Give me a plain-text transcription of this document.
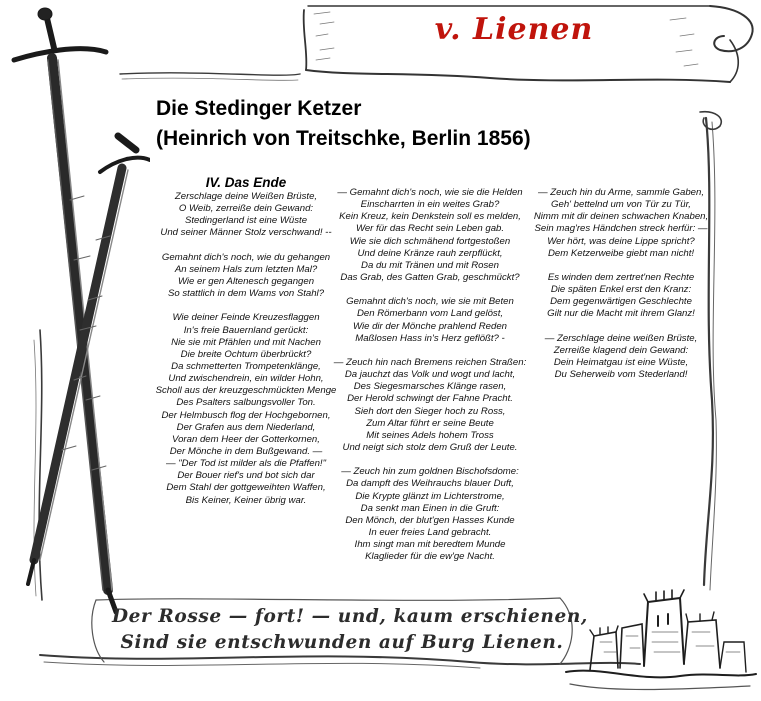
v. Lienen
Die Stedinger Ketzer
(Heinrich von Treitschke, Berlin 1856)
IV. Das Ende
Zerschlage deine Weißen Brüste,
O Weib, zerreiße dein Gewand:
Stedingerland ist eine Wüste
Und seiner Männer Stolz verschwand! --
Gemahnt dich's noch, wie du gehangen
An seinem Hals zum letzten Mal?
Wie er gen Altenesch gegangen
So stattlich in dem Wams von Stahl?
Wie deiner Feinde Kreuzesflaggen
In's freie Bauernland gerückt:
Nie sie mit Pfählen und mit Nachen
Die breite Ochtum überbrückt?
Da schmetterten Trompetenklänge,
Und zwischendrein, ein wilder Hohn,
Scholl aus der kreuzgeschmückten Menge
Des Psalters salbungsvoller Ton.
Der Helmbusch flog der Hochgebornen,
Der Grafen aus dem Niederland,
Voran dem Heer der Gotterkornen,
Der Mönche in dem Bußgewand. —
— "Der Tod ist milder als die Pfaffen!"
Der Bouer rief's und bot sich dar
Dem Stahl der gottgeweihten Waffen,
Bis Keiner, Keiner übrig war.
— Gemahnt dich's noch, wie sie die Helden
Einscharrten in ein weites Grab?
Kein Kreuz, kein Denkstein soll es melden,
Wer für das Recht sein Leben gab.
Wie sie dich schmähend fortgestoßen
Und deine Kränze rauh zerpflückt,
Da du mit Tränen und mit Rosen
Das Grab, des Gatten Grab, geschmückt?
Gemahnt dich's noch, wie sie mit Beten
Den Römerbann vom Land gelöst,
Wie dir der Mönche prahlend Reden
Maßlosen Hass in's Herz geflößt? -
— Zeuch hin nach Bremens reichen Straßen:
Da jauchzt das Volk und wogt und lacht,
Des Siegesmarsches Klänge rasen,
Der Herold schwingt der Fahne Pracht.
Sieh dort den Sieger hoch zu Ross,
Zum Altar führt er seine Beute
Mit seines Adels hohem Tross
Und neigt sich stolz dem Gruß der Leute.
— Zeuch hin zum goldnen Bischofsdome:
Da dampft des Weihrauchs blauer Duft,
Die Krypte glänzt im Lichterstrome,
Da senkt man Einen in die Gruft:
Den Mönch, der blut'gen Hasses Kunde
In euer freies Land gebracht.
Ihm singt man mit beredtem Munde
Klaglieder für die ew'ge Nacht.
— Zeuch hin du Arme, sammle Gaben,
Geh' bettelnd um von Tür zu Tür,
Nimm mit dir deinen schwachen Knaben,
Sein mag'res Händchen streck herfür: —
Wer hört, was deine Lippe spricht?
Dem Ketzerweibe giebt man nicht!
Es winden dem zertret'nen Rechte
Die späten Enkel erst den Kranz:
Dem gegenwärtigen Geschlechte
Gilt nur die Macht mit ihrem Glanz!
— Zerschlage deine weißen Brüste,
Zerreiße klagend dein Gewand:
Dein Heimatgau ist eine Wüste,
Du Seherweib vom Stederland!
Der Rosse — fort! — und, kaum erschienen,
Sind sie entschwunden auf Burg Lienen.
